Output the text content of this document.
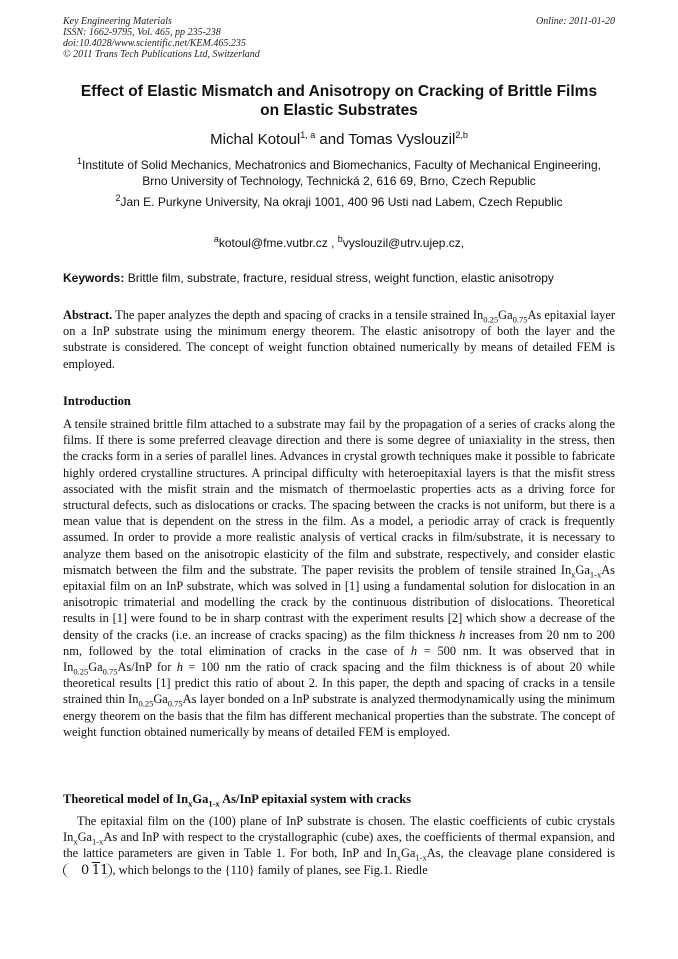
Key Engineering Materials
ISSN: 1662-9795, Vol. 465, pp 235-238
doi:10.4028/www.scientific.net/KEM.465.235
© 2011 Trans Tech Publications Ltd, Switzerland
Online: 2011-01-20
Effect of Elastic Mismatch and Anisotropy on Cracking of Brittle Films
on Elastic Substrates
Michal Kotoul$^{1, a}$ and Tomas Vyslouzil$^{2,b}$
$^1$Institute of Solid Mechanics, Mechatronics and Biomechanics, Faculty of Mechanical Engineering,
Brno University of Technology, Technická 2, 616 69, Brno, Czech Republic
$^2$Jan E. Purkyne University, Na okraji 1001, 400 96 Usti nad Labem, Czech Republic
$^a$kotoul@fme.vutbr.cz , $^b$vyslouzil@utrv.ujep.cz,
Keywords: Brittle film, substrate, fracture, residual stress, weight function, elastic anisotropy

Abstract. The paper analyzes the depth and spacing of cracks in a tensile strained $In_{0.25}Ga_{0.75}As$ epitaxial layer on a InP substrate using the minimum energy theorem. The elastic anisotropy of both the layer and the substrate is considered. The concept of weight function obtained numerically by means of detailed FEM is employed.

Introduction

A tensile strained brittle film attached to a substrate may fail by the propagation of a series of cracks along the films. If there is some preferred cleavage direction and there is some degree of uniaxiality in the stress, then the cracks form in a series of parallel lines. Advances in crystal growth techniques make it possible to fabricate highly ordered crystalline structures. A principal difficulty with heteroepitaxial layers is that the misfit stress associated with the misfit strain and the mismatch of thermoelastic properties acts as a driving force for structural defects, such as dislocations or cracks. The spacing between the cracks is not uniform, but there is a mean value that is dependent on the stress in the film. As a model, a periodic array of crack is frequently assumed. In order to provide a more realistic analysis of vertical cracks in film/substrate, it is necessary to analyze them based on the anisotropic elasticity of the film and substrate, respectively, and consider elastic mismatch between the film and the substrate. The paper revisits the problem of tensile strained $In_xGa_{1-x}As$ epitaxial film on an InP substrate, which was solved in [1] using a fundamental solution for dislocation in an anisotropic trimaterial and modelling the crack by the continuous distribution of dislocations. Theoretical results in [1] were found to be in sharp contrast with the experiment results [2] which show a decrease of the density of the cracks (i.e. an increase of cracks spacing) as the film thickness h increases from 20 nm to 200 nm, followed by the total elimination of cracks in the case of h = 500 nm. It was observed that in $In_{0.25}Ga_{0.75}As$/InP for h = 100 nm the ratio of crack spacing and the film thickness is of about 20 while theoretical results [1] predict this ratio of about 2. In this paper, the depth and spacing of cracks in a tensile strained thin $In_{0.25}Ga_{0.75}As$ layer bonded on a InP substrate is analyzed thermodynamically using the minimum energy theorem on the basis that the film has different mechanical properties than the substrate. The concept of weight function obtained numerically by means of detailed FEM is employed.

Theoretical model of $In_xGa_{1-x}$ As/InP epitaxial system with cracks

The epitaxial film on the (100) plane of InP substrate is chosen. The elastic coefficients of cubic crystals $In_xGa_{1-x}As$ and InP with respect to the crystallographic (cube) axes, the coefficients of thermal expansion, and the lattice parameters are given in Table 1. For both, InP and $In_xGa_{1-x}As$, the cleavage plane considered is 0  11 , which belongs to the {110} family of planes, see Fig.1. Riedle
